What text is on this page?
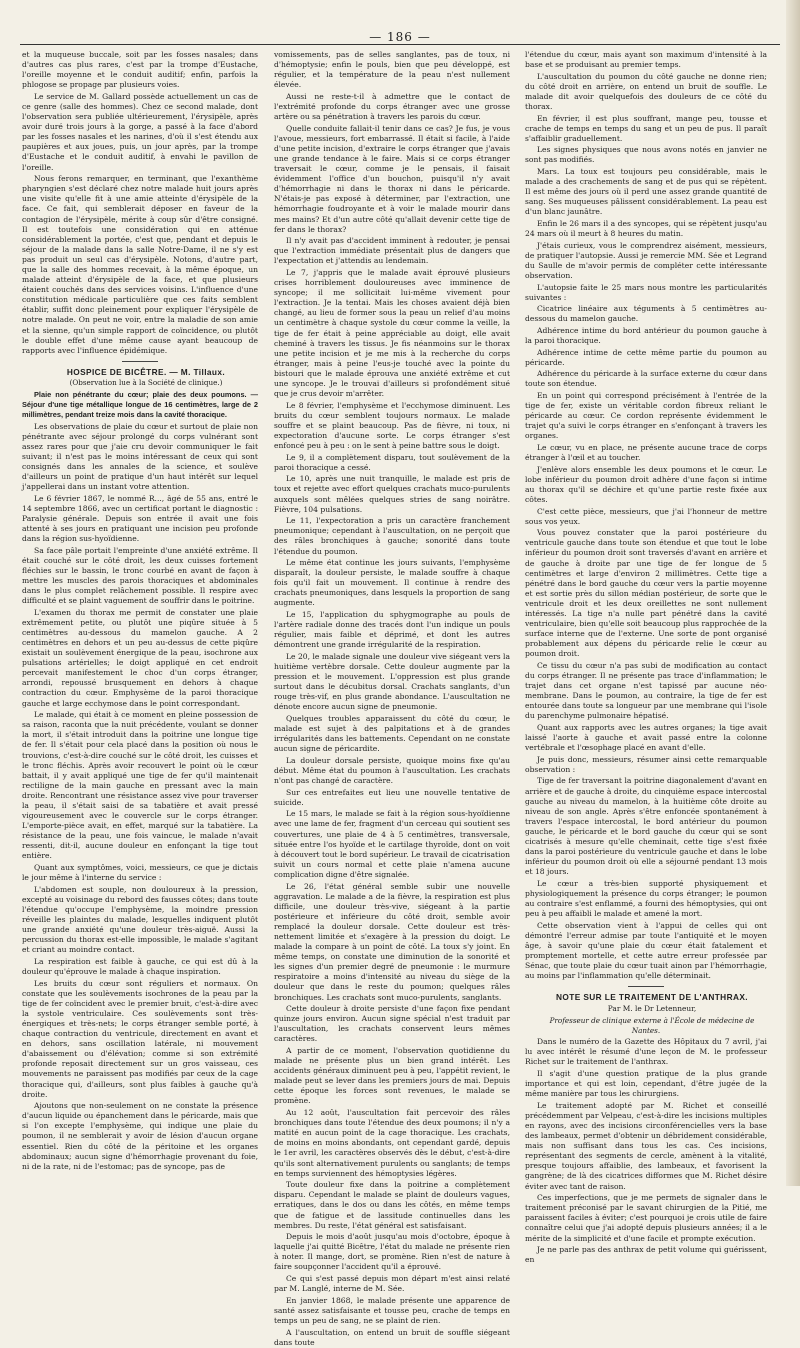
— 186 —

et la muqueuse buccale, soit par les fosses nasales; dans d'autres cas plus rares, c'est par la trompe d'Eustache, l'oreille moyenne et le conduit auditif; enfin, parfois la phlogose se propage par plusieurs voies.

Le service de M. Gallard possède actuellement un cas de ce genre (salle des hommes). Chez ce second malade, dont l'observation sera publiée ultérieurement, l'érysipèle, après avoir duré trois jours à la gorge, a passé à la face d'abord par les fosses nasales et les narines, d'où il s'est étendu aux paupières et aux joues, puis, un jour après, par la trompe d'Eustache et le conduit auditif, à envahi le pavillon de l'oreille.

Nous ferons remarquer, en terminant, que l'exanthème pharyngien s'est déclaré chez notre malade huit jours après une visite qu'elle fit à une amie atteinte d'érysipèle de la face. Ce fait, qui semblerait déposer en faveur de la contagion de l'érysipèle, mérite à coup sûr d'être consigné. Il est toutefois une considération qui en atténue considérablement la portée, c'est que, pendant et depuis le séjour de la malade dans la salle Notre-Dame, il ne s'y est pas produit un seul cas d'érysipèle. Notons, d'autre part, que la salle des hommes recevait, à la même époque, un malade atteint d'érysipèle de la face, et que plusieurs étaient couchés dans des services voisins. L'influence d'une constitution médicale particulière que ces faits semblent établir, suffit donc pleinement pour expliquer l'érysipèle de notre malade. On peut ne voir, entre la maladie de son amie et la sienne, qu'un simple rapport de coïncidence, ou plutôt le double effet d'une même cause ayant beaucoup de rapports avec l'influence épidémique.

HOSPICE DE BICÊTRE. — M. Tillaux.

(Observation lue à la Société de clinique.)

Plaie non pénétrante du cœur; plaie des deux poumons. — Séjour d'une tige métallique longue de 16 centimètres, large de 2 millimètres, pendant treize mois dans la cavité thoracique.

Les observations de plaie du cœur et surtout de plaie non pénétrante avec séjour prolongé du corps vulnérant sont assez rares pour que j'aie cru devoir communiquer le fait suivant; il n'est pas le moins intéressant de ceux qui sont consignés dans les annales de la science, et soulève d'ailleurs un point de pratique d'un haut intérêt sur lequel j'appellerai dans un instant votre attention.

Le 6 février 1867, le nommé R..., âgé de 55 ans, entré le 14 septembre 1866, avec un certificat portant le diagnostic : Paralysie générale. Depuis son entrée il avait une fois attenté à ses jours en pratiquant une incision peu profonde dans la région sus-hyoïdienne.

Sa face pâle portait l'empreinte d'une anxiété extrême. Il était couché sur le côté droit, les deux cuisses fortement fléchies sur le bassin, le tronc courbé en avant de façon à mettre les muscles des parois thoraciques et abdominales dans le plus complet relâchement possible. Il respire avec difficulté et se plaint vaguement de souffrir dans le poitrine.

L'examen du thorax me permit de constater une plaie extrêmement petite, ou plutôt une piqûre située à 5 centimètres au-dessous du mamelon gauche. A 2 centimètres en dehors et un peu au-dessus de cette piqûre existait un soulèvement énergique de la peau, isochrone aux pulsations artérielles; le doigt appliqué en cet endroit percevait manifestement le choc d'un corps étranger, arrondi, repoussé brusquement en dehors à chaque contraction du cœur. Emphysème de la paroi thoracique gauche et large ecchymose dans le point correspondant.

Le malade, qui était à ce moment en pleine possession de sa raison, raconta que la nuit précédente, voulant se donner la mort, il s'était introduit dans la poitrine une longue tige de fer. Il s'était pour cela placé dans la position où nous le trouvions, c'est-à-dire couché sur le côté droit, les cuisses et le tronc fléchis. Après avoir recouvert le point où le cœur battait, il y avait appliqué une tige de fer qu'il maintenait rectiligne de la main gauche en pressant avec la main droite. Rencontrant une résistance assez vive pour traverser la peau, il s'était saisi de sa tabatière et avait pressé vigoureusement avec le couvercle sur le corps étranger. L'emporte-pièce avait, en effet, marqué sur la tabatière. La résistance de la peau, une fois vaincue, le malade n'avait ressenti, dit-il, aucune douleur en enfonçant la tige tout entière.

Quant aux symptômes, voici, messieurs, ce que je dictais le jour même à l'interne du service :

L'abdomen est souple, non douloureux à la pression, excepté au voisinage du rebord des fausses côtes; dans toute l'étendue qu'occupe l'emphysème, la moindre pression réveille les plaintes du malade, lesquelles indiquent plutôt une grande anxiété qu'une douleur très-aiguë. Aussi la percussion du thorax est-elle impossible, le malade s'agitant et criant au moindre contact.

La respiration est faible à gauche, ce qui est dû à la douleur qu'éprouve le malade à chaque inspiration.

Les bruits du cœur sont réguliers et normaux. On constate que les soulèvements isochrones de la peau par la tige de fer coïncident avec le premier bruit, c'est-à-dire avec la systole ventriculaire. Ces soulèvements sont très-énergiques et très-nets; le corps étranger semble porté, à chaque contraction du ventricule, directement en avant et en dehors, sans oscillation latérale, ni mouvement d'abaissement ou d'élévation; comme si son extrémité profonde reposait directement sur un gros vaisseau, ces mouvements ne paraissent pas modifiés par ceux de la cage thoracique qui, d'ailleurs, sont plus faibles à gauche qu'à droite.

Ajoutons que non-seulement on ne constate la présence d'aucun liquide ou épanchement dans le péricarde, mais que si l'on excepte l'emphysème, qui indique une plaie du poumon, il ne semblerait y avoir de lésion d'aucun organe essentiel. Rien du côté de la péritoine et les organes abdominaux; aucun signe d'hémorrhagie provenant du foie, ni de la rate, ni de l'estomac; pas de syncope, pas de

vomissements, pas de selles sanglantes, pas de toux, ni d'hémoptysie; enfin le pouls, bien que peu développé, est régulier, et la température de la peau n'est nullement élevée.

Aussi ne reste-t-il à admettre que le contact de l'extrémité profonde du corps étranger avec une grosse artère ou sa pénétration à travers les parois du cœur.

Quelle conduite fallait-il tenir dans ce cas? Je fus, je vous l'avoue, messieurs, fort embarrassé. Il était si facile, à l'aide d'une petite incision, d'extraire le corps étranger que j'avais une grande tendance à le faire. Mais si ce corps étranger traversait le cœur, comme je le pensais, il faisait évidemment l'office d'un bouchon, puisqu'il n'y avait d'hémorrhagie ni dans le thorax ni dans le péricarde. N'étais-je pas exposé à déterminer, par l'extraction, une hémorrhagie foudroyante et à voir le malade mourir dans mes mains? Et d'un autre côté qu'allait devenir cette tige de fer dans le thorax?

Il n'y avait pas d'accident imminent à redouter, je pensai que l'extraction immédiate présentait plus de dangers que l'expectation et j'attendis au lendemain.

Le 7, j'appris que le malade avait éprouvé plusieurs crises horriblement douloureuses avec imminence de syncope; il me sollicitait lui-même vivement pour l'extraction. Je la tentai. Mais les choses avaient déjà bien changé, au lieu de former sous la peau un relief d'au moins un centimètre à chaque systole du cœur comme la veille, la tige de fer était à peine appréciable au doigt, elle avait cheminé à travers les tissus. Je fis néanmoins sur le thorax une petite incision et je me mis à la recherche du corps étranger, mais à peine l'eus-je touché avec la pointe du bistouri que le malade éprouva une anxiété extrême et cut une syncope. Je le trouvai d'ailleurs si profondément situé que je crus devoir m'arrêter.

Le 8 février, l'emphysème et l'ecchymose diminuent. Les bruits du cœur semblent toujours normaux. Le malade souffre et se plaint beaucoup. Pas de fièvre, ni toux, ni expectoration d'aucune sorte. Le corps étranger s'est enfoncé peu à peu : on le sent à peine battre sous le doigt.

Le 9, il a complètement disparu, tout soulèvement de la paroi thoracique a cessé.

Le 10, après une nuit tranquille, le malade est pris de toux et rejette avec effort quelques crachats muco-purulents auxquels sont mêlées quelques stries de sang noirâtre. Fièvre, 104 pulsations.

Le 11, l'expectoration a pris un caractère franchement pneumonique; cependant à l'auscultation, on ne perçoit que des râles bronchiques à gauche; sonorité dans toute l'étendue du poumon.

Le même état continue les jours suivants, l'emphysème disparaît, la douleur persiste, le malade souffre à chaque fois qu'il fait un mouvement. Il continue à rendre des crachats pneumoniques, dans lesquels la proportion de sang augmente.

Le 15, l'application du sphygmographe au pouls de l'artère radiale donne des tracés dont l'un indique un pouls régulier, mais faible et déprimé, et dont les autres démontrent une grande irrégularité de la respiration.

Le 20, le malade signale une douleur vive siégeant vers la huitième vertèbre dorsale. Cette douleur augmente par la pression et le mouvement. L'oppression est plus grande surtout dans le décubitus dorsal. Crachats sanglants, d'un rouge très-vif, en plus grande abondance. L'auscultation ne dénote encore aucun signe de pneumonie.

Quelques troubles apparaissent du côté du cœur, le malade est sujet à des palpitations et à de grandes irrégularités dans les battements. Cependant on ne constate aucun signe de péricardite.

La douleur dorsale persiste, quoique moins fixe qu'au début. Même état du poumon à l'auscultation. Les crachats n'ont pas changé de caractère.

Sur ces entrefaites eut lieu une nouvelle tentative de suicide.

Le 15 mars, le malade se fait à la région sous-hyoïdienne avec une lame de fer, fragment d'un cerceau qui soutient ses couvertures, une plaie de 4 à 5 centimètres, transversale, située entre l'os hyoïde et le cartilage thyroïde, dont on voit à découvert tout le bord supérieur. Le travail de cicatrisation suivit un cours normal et cette plaie n'amena aucune complication digne d'être signalée.

Le 26, l'état général semble subir une nouvelle aggravation. Le malade a de la fièvre, la respiration est plus difficile, une douleur très-vive, siégeant à la partie postérieure et inférieure du côté droit, semble avoir remplacé la douleur dorsale. Cette douleur est très-nettement limitée et s'exagère à la pression du doigt. Le malade la compare à un point de côté. La toux s'y joint. En même temps, on constate une diminution de la sonorité et les signes d'un premier degré de pneumonie : le murmure respiratoire a moins d'intensité au niveau du siège de la douleur que dans le reste du poumon; quelques râles bronchiques. Les crachats sont muco-purulents, sanglants.

Cette douleur à droite persiste d'une façon fixe pendant quinze jours environ. Aucun signe spécial n'est traduit par l'auscultation, les crachats conservent leurs mêmes caractères.

A partir de ce moment, l'observation quotidienne du malade ne présente plus un bien grand intérêt. Les accidents généraux diminuent peu à peu, l'appétit revient, le malade peut se lever dans les premiers jours de mai. Depuis cette époque les forces sont revenues, le malade se promène.

Au 12 août, l'auscultation fait percevoir des râles bronchiques dans toute l'étendue des deux poumons; il n'y a matité en aucun point de la cage thoracique. Les crachats, de moins en moins abondants, ont cependant gardé, depuis le 1er avril, les caractères observés dès le début, c'est-à-dire qu'ils sont alternativement purulents ou sanglants; de temps en temps surviennent des hémoptysies légères.

Toute douleur fixe dans la poitrine a complètement disparu. Cependant le malade se plaint de douleurs vagues, erratiques, dans le dos ou dans les côtés, en même temps que de fatigue et de lassitude continuelles dans les membres. Du reste, l'état général est satisfaisant.

Depuis le mois d'août jusqu'au mois d'octobre, époque à laquelle j'ai quitté Bicêtre, l'état du malade ne présente rien à noter. Il mange, dort, se promène. Rien n'est de nature à faire soupçonner l'accident qu'il a éprouvé.

Ce qui s'est passé depuis mon départ m'est ainsi relaté par M. Langlé, interne de M. Sée.

En janvier 1868, le malade présente une apparence de santé assez satisfaisante et tousse peu, crache de temps en temps un peu de sang, ne se plaint de rien.

A l'auscultation, on entend un bruit de souffle siégeant dans toute

l'étendue du cœur, mais ayant son maximum d'intensité à la base et se produisant au premier temps.

L'auscultation du poumon du côté gauche ne donne rien; du côté droit en arrière, on entend un bruit de souffle. Le malade dit avoir quelquefois des douleurs de ce côté du thorax.

En février, il est plus souffrant, mange peu, tousse et crache de temps en temps du sang et un peu de pus. Il paraît s'affaiblir graduellement.

Les signes physiques que nous avons notés en janvier ne sont pas modifiés.

Mars. La toux est toujours peu considérable, mais le malade a des crachements de sang et de pus qui se répètent. Il est même des jours où il perd une assez grande quantité de sang. Ses muqueuses pâlissent considérablement. La peau est d'un blanc jaunâtre.

Enfin le 26 mars il a des syncopes, qui se répètent jusqu'au 24 mars où il meurt à 8 heures du matin.

J'étais curieux, vous le comprendrez aisément, messieurs, de pratiquer l'autopsie. Aussi je remercie MM. Sée et Legrand du Saulle de m'avoir permis de compléter cette intéressante observation.

L'autopsie faite le 25 mars nous montre les particularités suivantes :

Cicatrice linéaire aux téguments à 5 centimètres au-dessous du mamelon gauche.

Adhérence intime du bord antérieur du poumon gauche à la paroi thoracique.

Adhérence intime de cette même partie du poumon au péricarde.

Adhérence du péricarde à la surface externe du cœur dans toute son étendue.

En un point qui correspond précisément à l'entrée de la tige de fer, existe un véritable cordon fibreux reliant le péricarde au cœur. Ce cordon représente évidemment le trajet qu'a suivi le corps étranger en s'enfonçant à travers les organes.

Le cœur, vu en place, ne présente aucune trace de corps étranger à l'œil et au toucher.

J'enlève alors ensemble les deux poumons et le cœur. Le lobe inférieur du poumon droit adhère d'une façon si intime au thorax qu'il se déchire et qu'une partie reste fixée aux côtes.

C'est cette pièce, messieurs, que j'ai l'honneur de mettre sous vos yeux.

Vous pouvez constater que la paroi postérieure du ventricule gauche dans toute son étendue et que tout le lobe inférieur du poumon droit sont traversés d'avant en arrière et de gauche à droite par une tige de fer longue de 5 centimètres et large d'environ 2 millimètres. Cette tige a pénétré dans le bord gauche du cœur vers la partie moyenne et est sortie près du sillon médian postérieur, de sorte que le ventricule droit et les deux oreillettes ne sont nullement intéressés. La tige n'a nulle part pénétré dans la cavité ventriculaire, bien qu'elle soit beaucoup plus rapprochée de la surface interne que de l'externe. Une sorte de pont organisé probablement aux dépens du péricarde relie le cœur au poumon droit.

Ce tissu du cœur n'a pas subi de modification au contact du corps étranger. Il ne présente pas trace d'inflammation; le trajet dans cet organe n'est tapissé par aucune néo-membrane. Dans le poumon, au contraire, la tige de fer est entourée dans toute sa longueur par une membrane qui l'isole du parenchyme pulmonaire hépatisé.

Quant aux rapports avec les autres organes; la tige avait laissé l'aorte à gauche et avait passé entre la colonne vertébrale et l'œsophage placé en avant d'elle.

Je puis donc, messieurs, résumer ainsi cette remarquable observation :

Tige de fer traversant la poitrine diagonalement d'avant en arrière et de gauche à droite, du cinquième espace intercostal gauche au niveau du mamelon, à la huitième côte droite au niveau de son angle. Après s'être enfoncée spontanément à travers l'espace intercostal, le bord antérieur du poumon gauche, le péricarde et le bord gauche du cœur qui se sont cicatrisés à mesure qu'elle cheminait, cette tige s'est fixée dans la paroi postérieure du ventricule gauche et dans le lobe inférieur du poumon droit où elle a séjourné pendant 13 mois et 18 jours.

Le cœur a très-bien supporté physiquement et physiologiquement la présence du corps étranger; le poumon au contraire s'est enflammé, a fourni des hémoptysies, qui ont peu à peu affaibli le malade et amené la mort.

Cette observation vient à l'appui de celles qui ont démontré l'erreur admise par toute l'antiquité et le moyen âge, à savoir qu'une plaie du cœur était fatalement et promptement mortelle, et cette autre erreur professée par Sénac, que toute plaie du cœur tuait ainon par l'hémorrhagie, au moins par l'inflammation qu'elle déterminait.

NOTE SUR LE TRAITEMENT DE L'ANTHRAX.

Par M. le Dr Letenneur,

Professeur de clinique externe à l'École de médecine de Nantes.

Dans le numéro de la Gazette des Hôpitaux du 7 avril, j'ai lu avec intérêt le résumé d'une leçon de M. le professeur Richet sur le traitement de l'anthrax.

Il s'agit d'une question pratique de la plus grande importance et qui est loin, cependant, d'être jugée de la même manière par tous les chirurgiens.

Le traitement adopté par M. Richet et conseillé précédemment par Velpeau, c'est-à-dire les incisions multiples en rayons, avec des incisions circonférencielles vers la base des lambeaux, permet d'obtenir un débridement considérable, mais non suffisant dans tous les cas. Ces incisions, représentant des segments de cercle, amènent à la vitalité, presque toujours affaiblie, des lambeaux, et favorisent la gangrène; de là des cicatrices difformes que M. Richet désire éviter avec tant de raison.

Ces imperfections, que je me permets de signaler dans le traitement préconisé par le savant chirurgien de la Pitié, me paraissent faciles à éviter; c'est pourquoi je crois utile de faire connaître celui que j'ai adopté depuis plusieurs années; il a le mérite de la simplicité et d'une facile et prompte exécution.

Je ne parle pas des anthrax de petit volume qui guérissent, en
